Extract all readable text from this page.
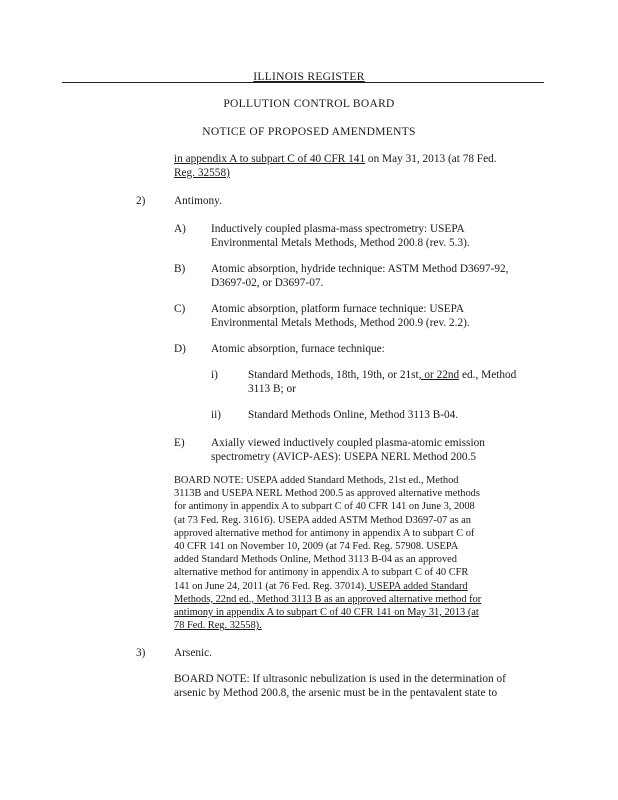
ILLINOIS REGISTER
POLLUTION CONTROL BOARD
NOTICE OF PROPOSED AMENDMENTS
in appendix A to subpart C of 40 CFR 141 on May 31, 2013 (at 78 Fed.
Reg. 32558)
2)	Antimony.
A) Inductively coupled plasma-mass spectrometry: USEPA
Environmental Metals Methods, Method 200.8 (rev. 5.3).
B) Atomic absorption, hydride technique: ASTM Method D3697-92,
D3697-02, or D3697-07.
C) Atomic absorption, platform furnace technique: USEPA
Environmental Metals Methods, Method 200.9 (rev. 2.2).
D) Atomic absorption, furnace technique:
i)	Standard Methods, 18th, 19th, or 21st, or 22nd ed., Method
3113 B; or
ii) Standard Methods Online, Method 3113 B-04.
E) Axially viewed inductively coupled plasma-atomic emission
spectrometry (AVICP-AES): USEPA NERL Method 200.5
BOARD NOTE: USEPA added Standard Methods, 21st ed., Method
3113B and USEPA NERL Method 200.5 as approved alternative methods
for antimony in appendix A to subpart C of 40 CFR 141 on June 3, 2008
(at 73 Fed. Reg. 31616). USEPA added ASTM Method D3697-07 as an
approved alternative method for antimony in appendix A to subpart C of
40 CFR 141 on November 10, 2009 (at 74 Fed. Reg. 57908. USEPA
added Standard Methods Online, Method 3113 B-04 as an approved
alternative method for antimony in appendix A to subpart C of 40 CFR
141 on June 24, 2011 (at 76 Fed. Reg. 37014). USEPA added Standard
Methods, 22nd ed., Method 3113 B as an approved alternative method for
antimony in appendix A to subpart C of 40 CFR 141 on May 31, 2013 (at
78 Fed. Reg. 32558).
3)	Arsenic.
BOARD NOTE: If ultrasonic nebulization is used in the determination of
arsenic by Method 200.8, the arsenic must be in the pentavalent state to
